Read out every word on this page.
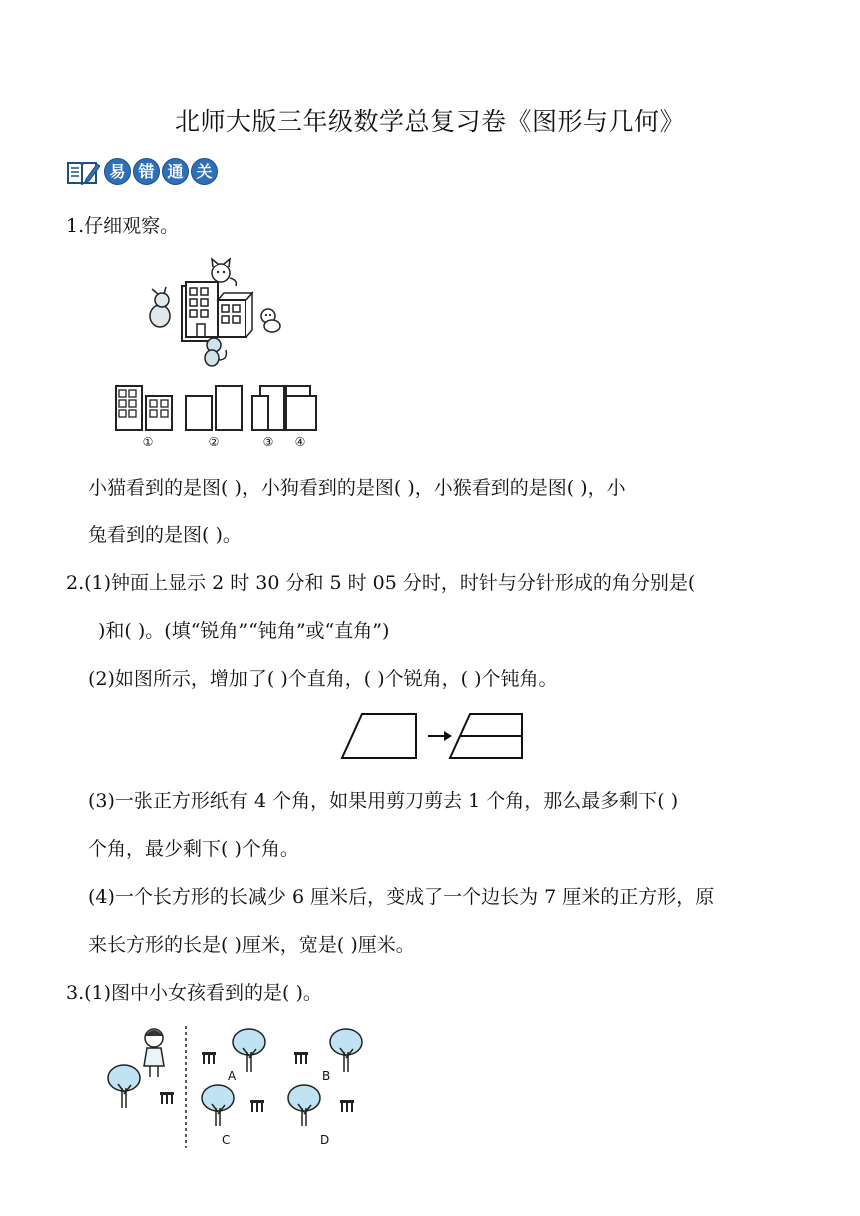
北师大版三年级数学总复习卷《图形与几何》
易 错 通 关
1.仔细观察。
①	②	③ ④
小猫看到的是图( )，小狗看到的是图( )，小猴看到的是图( )，小
兔看到的是图( )。
2.(1)钟面上显示 2 时 30 分和 5 时 05 分时，时针与分针形成的角分别是(
)和( )。(填“锐角”“钝角”或“直角”)
(2)如图所示，增加了( )个直角，( )个锐角，( )个钝角。
(3)一张正方形纸有 4 个角，如果用剪刀剪去 1 个角，那么最多剩下( )
个角，最少剩下( )个角。
(4)一个长方形的长减少 6 厘米后，变成了一个边长为 7 厘米的正方形，原
来长方形的长是( )厘米，宽是( )厘米。
3.(1)图中小女孩看到的是( )。
A	B
C	D
